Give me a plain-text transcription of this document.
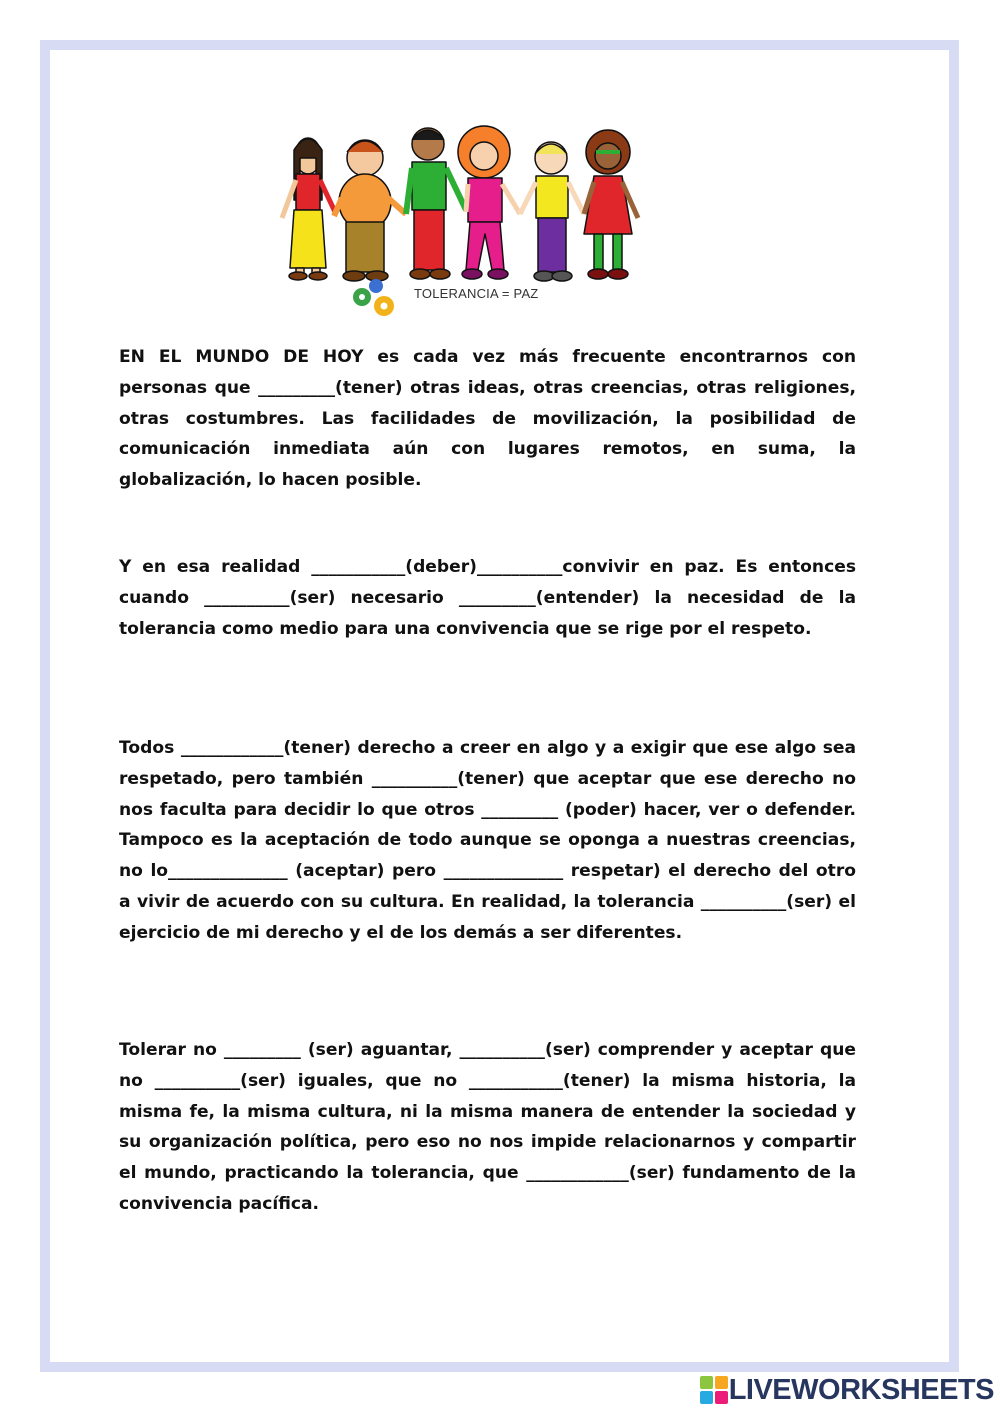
TOLERANCIA = PAZ

EN EL MUNDO DE HOY es cada vez más frecuente encontrarnos con personas que _________(tener) otras ideas, otras creencias, otras religiones, otras costumbres. Las facilidades de movilización, la posibilidad de comunicación inmediata aún con lugares remotos, en suma, la globalización, lo hacen posible.

Y en esa realidad ___________(deber)__________convivir en paz. Es entonces cuando __________(ser) necesario _________(entender) la necesidad de la tolerancia como medio para una convivencia que se rige por el respeto.

Todos ____________(tener) derecho a creer en algo y a exigir que ese algo sea respetado, pero también __________(tener) que aceptar que ese derecho no nos faculta para decidir lo que otros _________ (poder) hacer, ver o defender. Tampoco es la aceptación de todo aunque se oponga a nuestras creencias, no lo______________ (aceptar) pero ______________ respetar) el derecho del otro a vivir de acuerdo con su cultura. En realidad, la tolerancia __________(ser) el ejercicio de mi derecho y el de los demás a ser diferentes.

Tolerar no _________ (ser) aguantar, __________(ser) comprender y aceptar que no __________(ser) iguales, que no ___________(tener) la misma historia, la misma fe, la misma cultura, ni la misma manera de entender la sociedad y su organización política, pero eso no nos impide relacionarnos y compartir el mundo, practicando la tolerancia, que ____________(ser) fundamento de la convivencia pacífica.

LIVEWORKSHEETS
